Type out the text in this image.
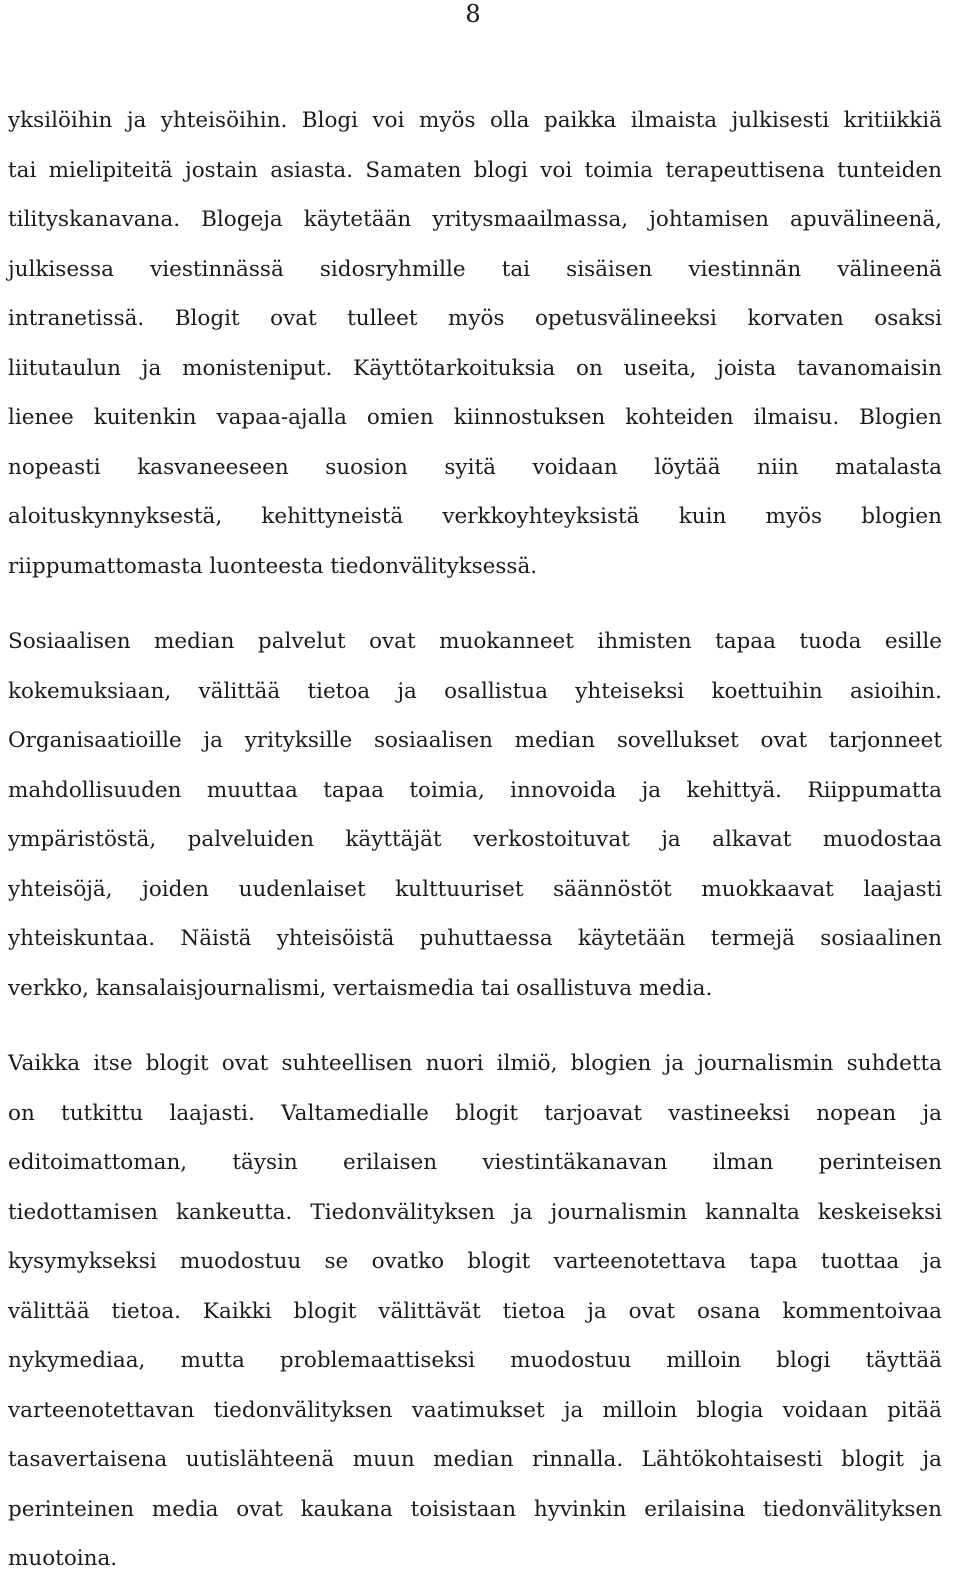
8

yksilöihin ja yhteisöihin. Blogi voi myös olla paikka ilmaista julkisesti kritiikkiä
tai mielipiteitä jostain asiasta. Samaten blogi voi toimia terapeuttisena tunteiden
tilityskanavana. Blogeja käytetään yritysmaailmassa, johtamisen apuvälineenä,
julkisessa viestinnässä sidosryhmille tai sisäisen viestinnän välineenä
intranetissä. Blogit ovat tulleet myös opetusvälineeksi korvaten osaksi
liitutaulun ja monisteniput. Käyttötarkoituksia on useita, joista tavanomaisin
lienee kuitenkin vapaa-ajalla omien kiinnostuksen kohteiden ilmaisu. Blogien
nopeasti kasvaneeseen suosion syitä voidaan löytää niin matalasta
aloituskynnyksestä, kehittyneistä verkkoyhteyksistä kuin myös blogien
riippumattomasta luonteesta tiedonvälityksessä.

Sosiaalisen median palvelut ovat muokanneet ihmisten tapaa tuoda esille
kokemuksiaan, välittää tietoa ja osallistua yhteiseksi koettuihin asioihin.
Organisaatioille ja yrityksille sosiaalisen median sovellukset ovat tarjonneet
mahdollisuuden muuttaa tapaa toimia, innovoida ja kehittyä. Riippumatta
ympäristöstä, palveluiden käyttäjät verkostoituvat ja alkavat muodostaa
yhteisöjä, joiden uudenlaiset kulttuuriset säännöstöt muokkaavat laajasti
yhteiskuntaa. Näistä yhteisöistä puhuttaessa käytetään termejä sosiaalinen
verkko, kansalaisjournalismi, vertaismedia tai osallistuva media.

Vaikka itse blogit ovat suhteellisen nuori ilmiö, blogien ja journalismin suhdetta
on tutkittu laajasti. Valtamedialle blogit tarjoavat vastineeksi nopean ja
editoimattoman, täysin erilaisen viestintäkanavan ilman perinteisen
tiedottamisen kankeutta. Tiedonvälityksen ja journalismin kannalta keskeiseksi
kysymykseksi muodostuu se ovatko blogit varteenotettava tapa tuottaa ja
välittää tietoa. Kaikki blogit välittävät tietoa ja ovat osana kommentoivaa
nykymediaa, mutta problemaattiseksi muodostuu milloin blogi täyttää
varteenotettavan tiedonvälityksen vaatimukset ja milloin blogia voidaan pitää
tasavertaisena uutislähteenä muun median rinnalla. Lähtökohtaisesti blogit ja
perinteinen media ovat kaukana toisistaan hyvinkin erilaisina tiedonvälityksen
muotoina.
